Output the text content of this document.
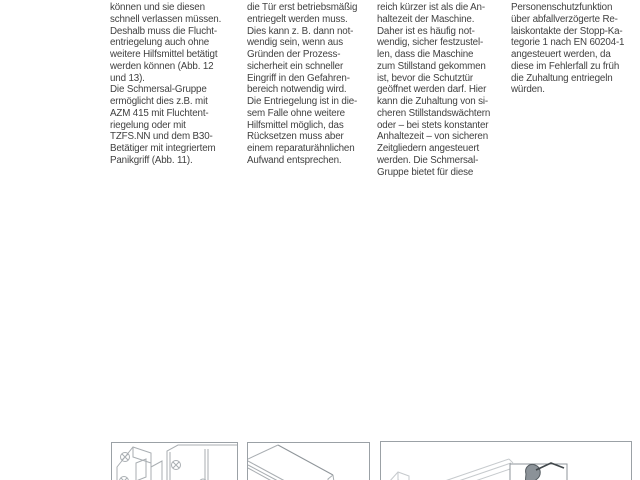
können und sie diesen
schnell verlassen müssen.
Deshalb muss die Flucht-
entriegelung auch ohne
weitere Hilfsmittel betätigt
werden können (Abb. 12
und 13).
Die Schmersal-Gruppe
ermöglicht dies z.B. mit
AZM 415 mit Fluchtent-
riegelung oder mit
TZFS.NN und dem B30-
Betätiger mit integriertem
Panikgriff (Abb. 11).
die Tür erst betriebsmäßig
entriegelt werden muss.
Dies kann z. B. dann not-
wendig sein, wenn aus
Gründen der Prozess-
sicherheit ein schneller
Eingriff in den Gefahren-
bereich notwendig wird.
Die Entriegelung ist in die-
sem Falle ohne weitere
Hilfsmittel möglich, das
Rücksetzen muss aber
einem reparaturähnlichen
Aufwand entsprechen.
reich kürzer ist als die An-
haltezeit der Maschine.
Daher ist es häufig not-
wendig, sicher festzustel-
len, dass die Maschine
zum Stillstand gekommen
ist, bevor die Schutztür
geöffnet werden darf. Hier
kann die Zuhaltung von si-
cheren Stillstandswächtern
oder – bei stets konstanter
Anhaltezeit – von sicheren
Zeitgliedern angesteuert
werden. Die Schmersal-
Gruppe bietet für diese
Personenschutzfunktion
über abfallverzögerte Re-
laiskontakte der Stopp-Ka-
tegorie 1 nach EN 60204-1
angesteuert werden, da
diese im Fehlerfall zu früh
die Zuhaltung entriegeln
würden.
